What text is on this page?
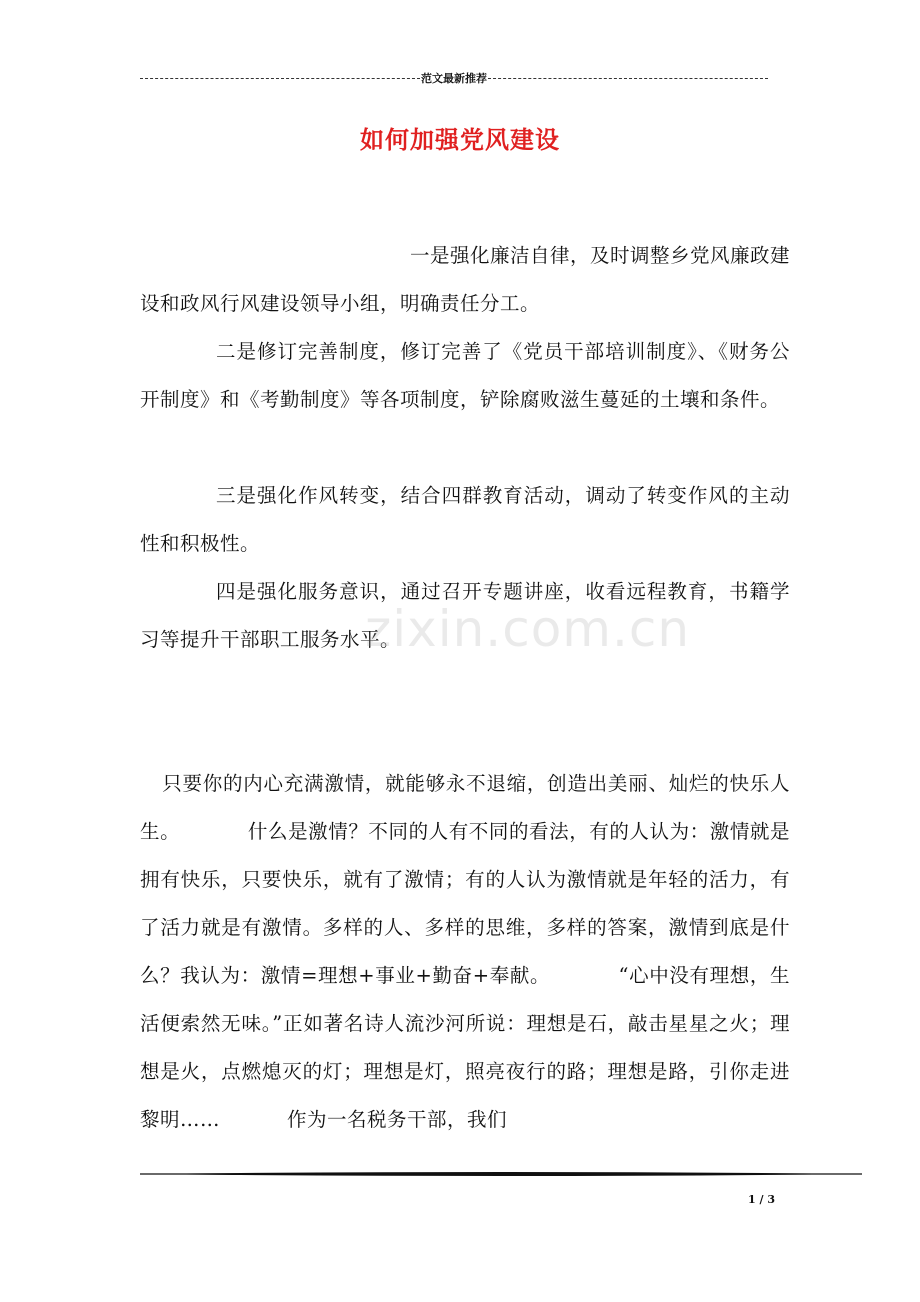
范文最新推荐
如何加强党风建设
一是强化廉洁自律，及时调整乡党风廉政建设和政风行风建设领导小组，明确责任分工。
二是修订完善制度，修订完善了《党员干部培训制度》、《财务公开制度》和《考勤制度》等各项制度，铲除腐败滋生蔓延的土壤和条件。
三是强化作风转变，结合四群教育活动，调动了转变作风的主动性和积极性。
四是强化服务意识，通过召开专题讲座，收看远程教育，书籍学习等提升干部职工服务水平。
zixin.com.cn
只要你的内心充满激情，就能够永不退缩，创造出美丽、灿烂的快乐人生。          什么是激情？不同的人有不同的看法，有的人认为：激情就是拥有快乐，只要快乐，就有了激情；有的人认为激情就是年轻的活力，有了活力就是有激情。多样的人、多样的思维，多样的答案，激情到底是什么？我认为：激情=理想+事业+勤奋+奉献。          “心中没有理想，生活便索然无味。”正如著名诗人流沙河所说：理想是石，敲击星星之火；理想是火，点燃熄灭的灯；理想是灯，照亮夜行的路；理想是路，引你走进黎明……          作为一名税务干部，我们
1 / 3
